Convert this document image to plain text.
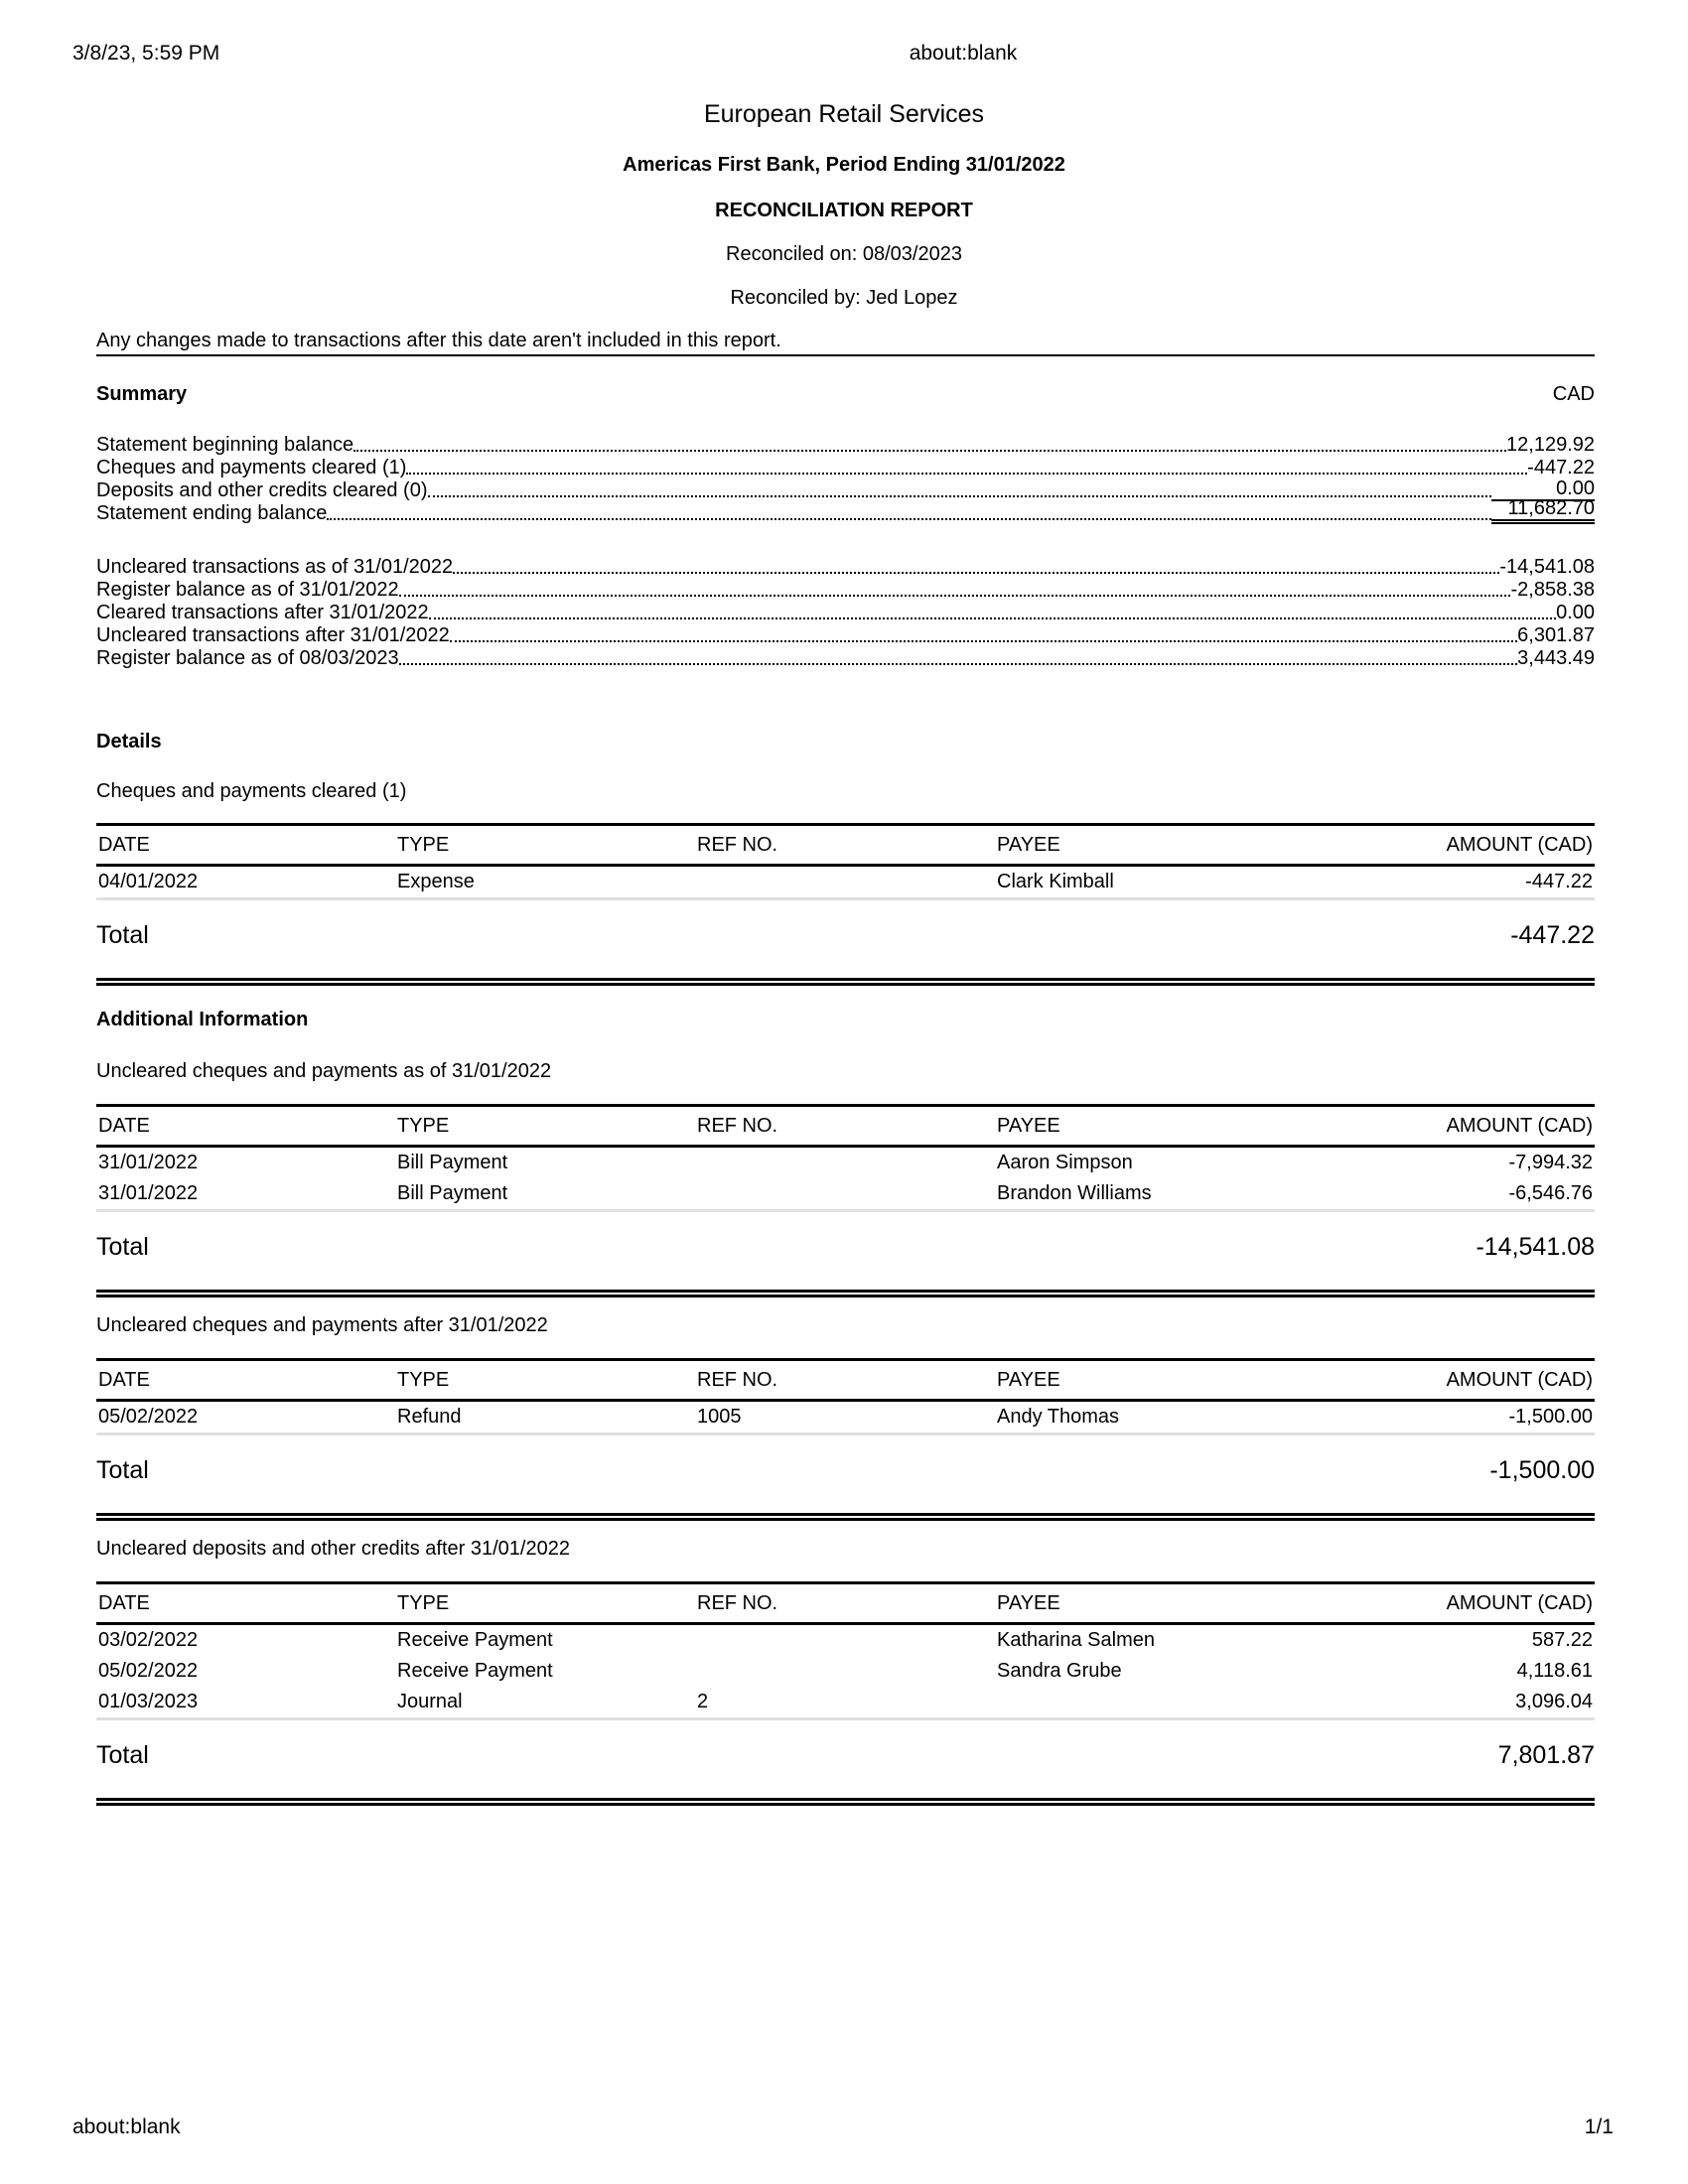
3/8/23, 5:59 PM	about:blank
European Retail Services
Americas First Bank, Period Ending 31/01/2022
RECONCILIATION REPORT
Reconciled on: 08/03/2023
Reconciled by: Jed Lopez
Any changes made to transactions after this date aren't included in this report.
Summary	CAD
Statement beginning balance	12,129.92
Cheques and payments cleared (1)	-447.22
Deposits and other credits cleared (0)	0.00
Statement ending balance	11,682.70
Uncleared transactions as of 31/01/2022	-14,541.08
Register balance as of 31/01/2022	-2,858.38
Cleared transactions after 31/01/2022	0.00
Uncleared transactions after 31/01/2022	6,301.87
Register balance as of 08/03/2023	3,443.49
Details
Cheques and payments cleared (1)
DATE	TYPE	REF NO.	PAYEE	AMOUNT (CAD)
04/01/2022	Expense		Clark Kimball	-447.22
Total	-447.22
Additional Information
Uncleared cheques and payments as of 31/01/2022
DATE	TYPE	REF NO.	PAYEE	AMOUNT (CAD)
31/01/2022	Bill Payment		Aaron Simpson	-7,994.32
31/01/2022	Bill Payment		Brandon Williams	-6,546.76
Total	-14,541.08
Uncleared cheques and payments after 31/01/2022
DATE	TYPE	REF NO.	PAYEE	AMOUNT (CAD)
05/02/2022	Refund	1005	Andy Thomas	-1,500.00
Total	-1,500.00
Uncleared deposits and other credits after 31/01/2022
DATE	TYPE	REF NO.	PAYEE	AMOUNT (CAD)
03/02/2022	Receive Payment		Katharina Salmen	587.22
05/02/2022	Receive Payment		Sandra Grube	4,118.61
01/03/2023	Journal	2		3,096.04
Total	7,801.87
about:blank	1/1
